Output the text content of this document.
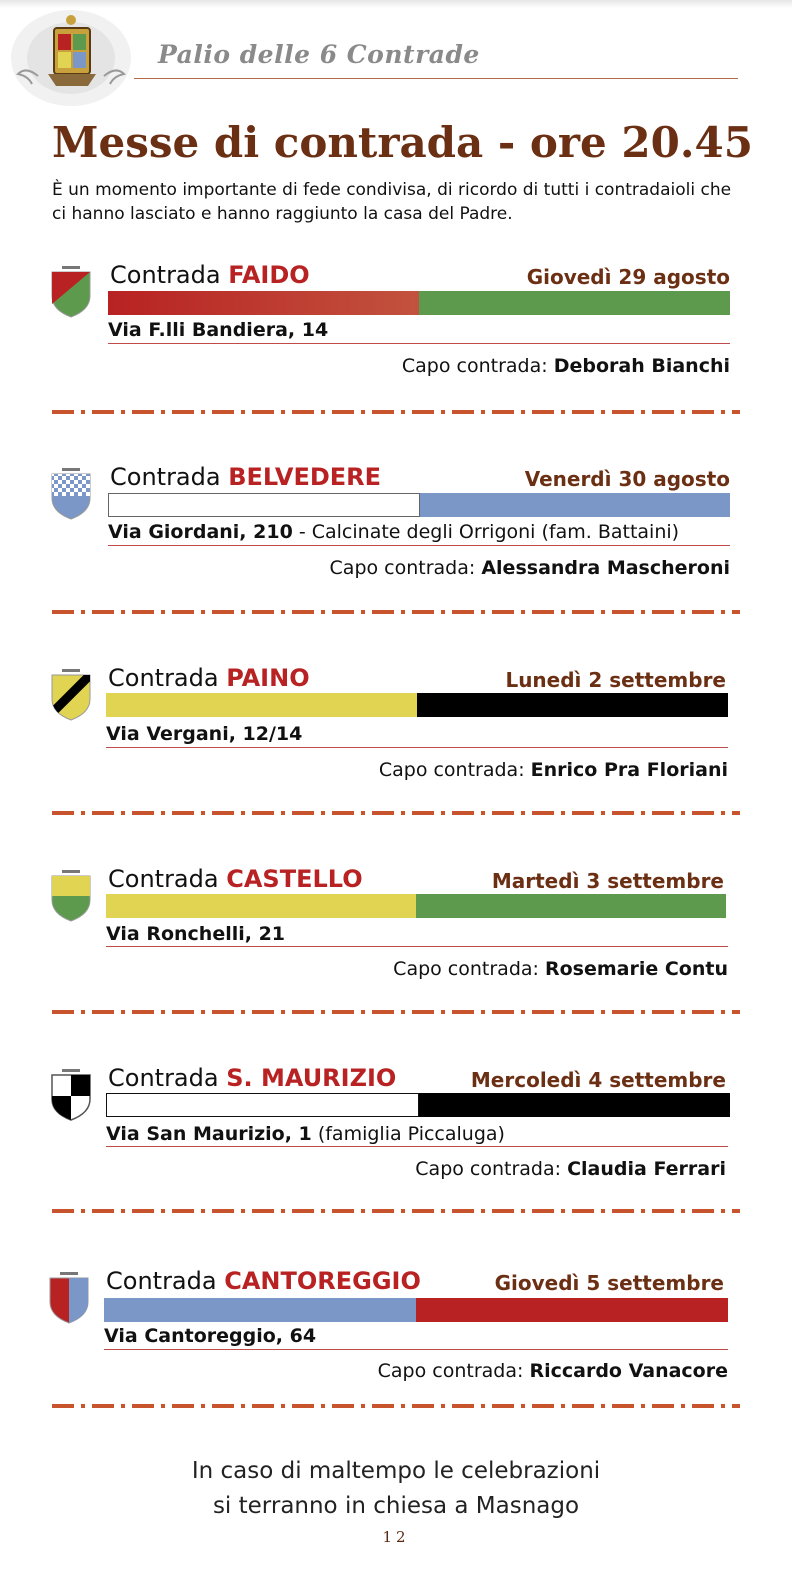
Palio delle 6 Contrade
Messe di contrada - ore 20.45
È un momento importante di fede condivisa, di ricordo di tutti i contradaioli che ci hanno lasciato e hanno raggiunto la casa del Padre.
Contrada FAIDO	Giovedì 29 agosto
Via F.lli Bandiera, 14
Capo contrada: Deborah Bianchi
Contrada BELVEDERE	Venerdì 30 agosto
Via Giordani, 210 - Calcinate degli Orrigoni (fam. Battaini)
Capo contrada: Alessandra Mascheroni
Contrada PAINO	Lunedì 2 settembre
Via Vergani, 12/14
Capo contrada: Enrico Pra Floriani
Contrada CASTELLO	Martedì 3 settembre
Via Ronchelli, 21
Capo contrada: Rosemarie Contu
Contrada S. MAURIZIO	Mercoledì 4 settembre
Via San Maurizio, 1 (famiglia Piccaluga)
Capo contrada: Claudia Ferrari
Contrada CANTOREGGIO	Giovedì 5 settembre
Via Cantoreggio, 64
Capo contrada: Riccardo Vanacore
In caso di maltempo le celebrazioni
si terranno in chiesa a Masnago
12
